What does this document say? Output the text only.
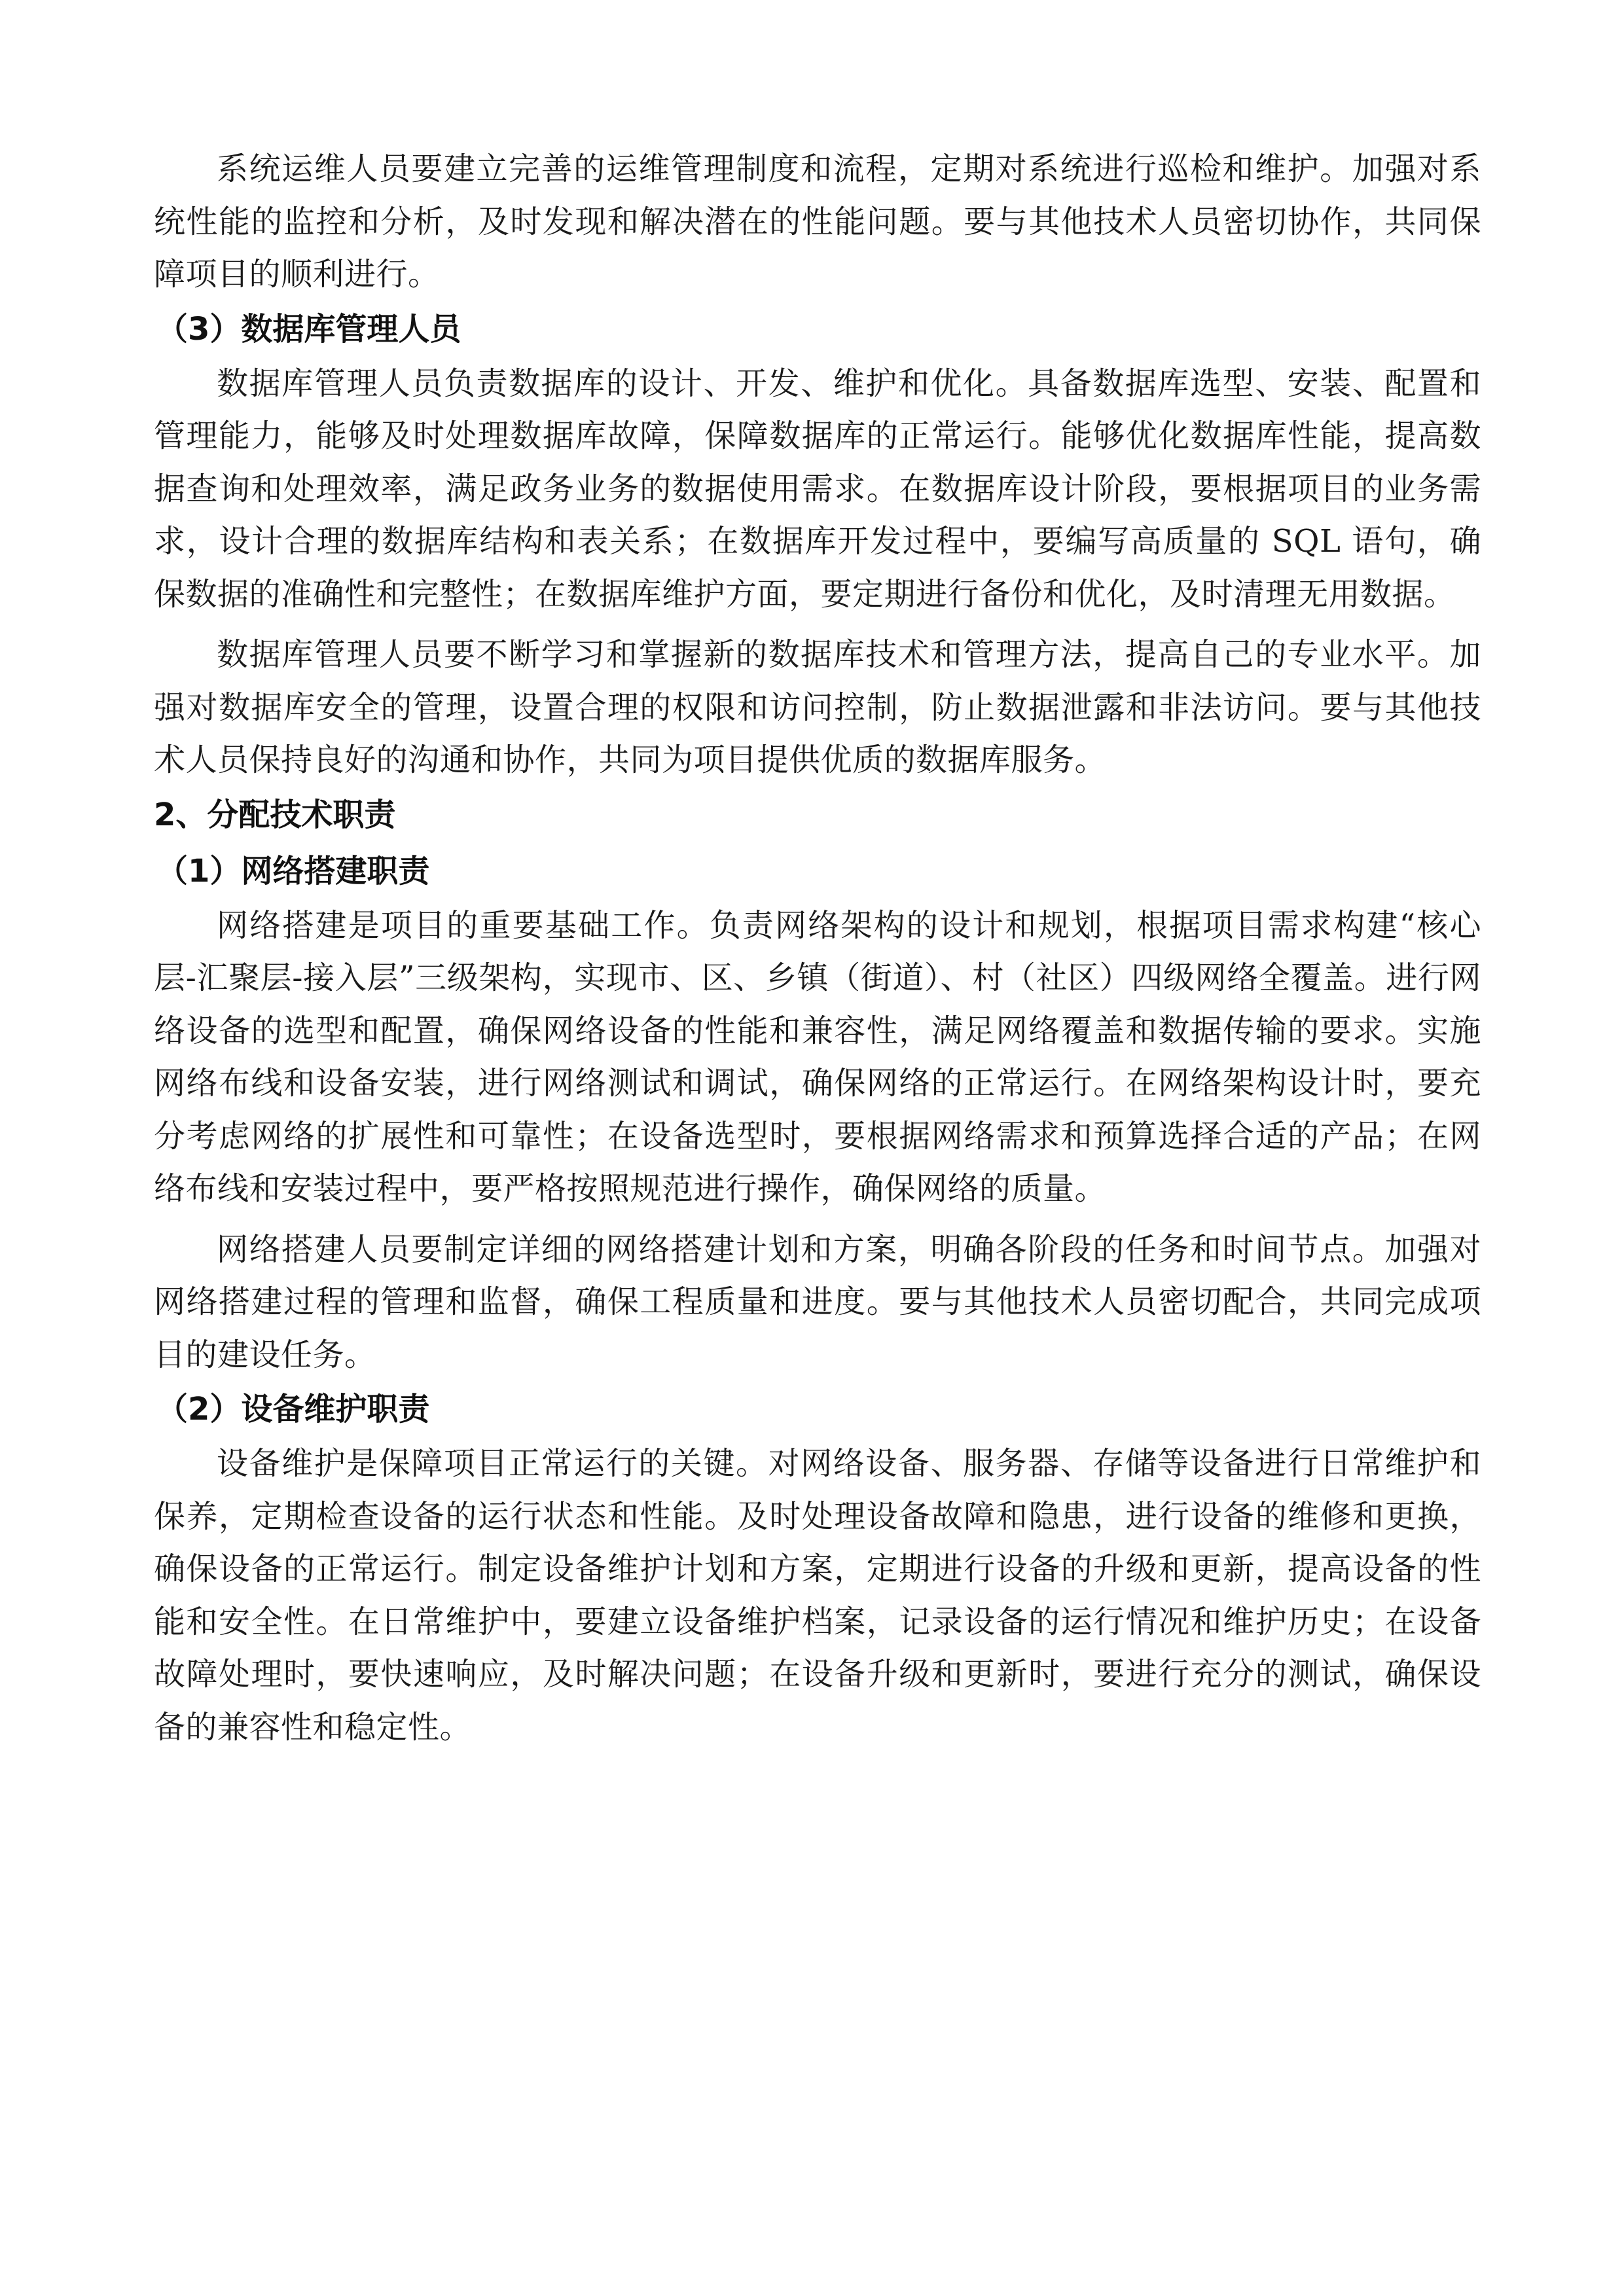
系统运维人员要建立完善的运维管理制度和流程，定期对系统进行巡检和维护。加强对系统性能的监控和分析，及时发现和解决潜在的性能问题。要与其他技术人员密切协作，共同保障项目的顺利进行。

（3）数据库管理人员

数据库管理人员负责数据库的设计、开发、维护和优化。具备数据库选型、安装、配置和管理能力，能够及时处理数据库故障，保障数据库的正常运行。能够优化数据库性能，提高数据查询和处理效率，满足政务业务的数据使用需求。在数据库设计阶段，要根据项目的业务需求，设计合理的数据库结构和表关系；在数据库开发过程中，要编写高质量的 SQL 语句，确保数据的准确性和完整性；在数据库维护方面，要定期进行备份和优化，及时清理无用数据。

数据库管理人员要不断学习和掌握新的数据库技术和管理方法，提高自己的专业水平。加强对数据库安全的管理，设置合理的权限和访问控制，防止数据泄露和非法访问。要与其他技术人员保持良好的沟通和协作，共同为项目提供优质的数据库服务。

2、分配技术职责
（1）网络搭建职责

网络搭建是项目的重要基础工作。负责网络架构的设计和规划，根据项目需求构建“核心层-汇聚层-接入层”三级架构，实现市、区、乡镇（街道）、村（社区）四级网络全覆盖。进行网络设备的选型和配置，确保网络设备的性能和兼容性，满足网络覆盖和数据传输的要求。实施网络布线和设备安装，进行网络测试和调试，确保网络的正常运行。在网络架构设计时，要充分考虑网络的扩展性和可靠性；在设备选型时，要根据网络需求和预算选择合适的产品；在网络布线和安装过程中，要严格按照规范进行操作，确保网络的质量。

网络搭建人员要制定详细的网络搭建计划和方案，明确各阶段的任务和时间节点。加强对网络搭建过程的管理和监督，确保工程质量和进度。要与其他技术人员密切配合，共同完成项目的建设任务。

（2）设备维护职责

设备维护是保障项目正常运行的关键。对网络设备、服务器、存储等设备进行日常维护和保养，定期检查设备的运行状态和性能。及时处理设备故障和隐患，进行设备的维修和更换，确保设备的正常运行。制定设备维护计划和方案，定期进行设备的升级和更新，提高设备的性能和安全性。在日常维护中，要建立设备维护档案，记录设备的运行情况和维护历史；在设备故障处理时，要快速响应，及时解决问题；在设备升级和更新时，要进行充分的测试，确保设备的兼容性和稳定性。
